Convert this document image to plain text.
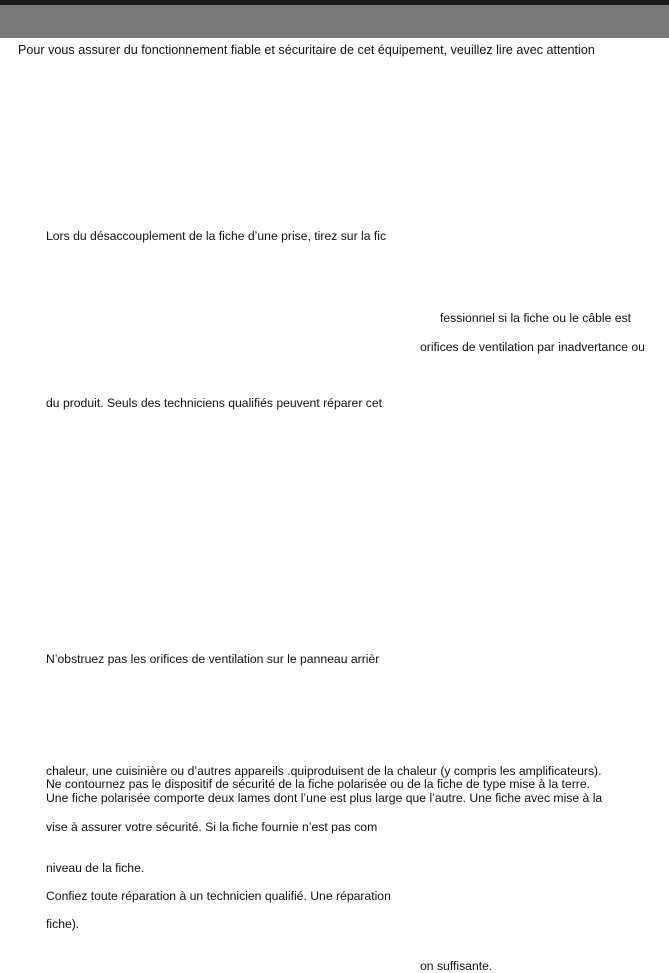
Pour vous assurer du fonctionnement fiable et sécuritaire de cet équipement, veuillez lire avec attention

Lors du désaccouplement de la fiche d’une prise, tirez sur la fic

fessionnel si la fiche ou le câble est

orifices de ventilation par inadvertance ou

du produit. Seuls des techniciens qualifiés peuvent réparer cet

N’obstruez pas les orifices de ventilation sur le panneau arrièr

chaleur, une cuisinière ou d’autres appareils .quiproduisent de la chaleur (y compris les amplificateurs).

Ne contournez pas le dispositif de sécurité de la fiche polarisée ou de la fiche de type mise à la terre.

Une fiche polarisée comporte deux lames dont l’une est plus large que l’autre. Une fiche avec mise à la

vise à assurer votre sécurité. Si la fiche fournie n’est pas com

niveau de la fiche.

Confiez toute réparation à un technicien qualifié. Une réparation

fiche).

on suffisante.
